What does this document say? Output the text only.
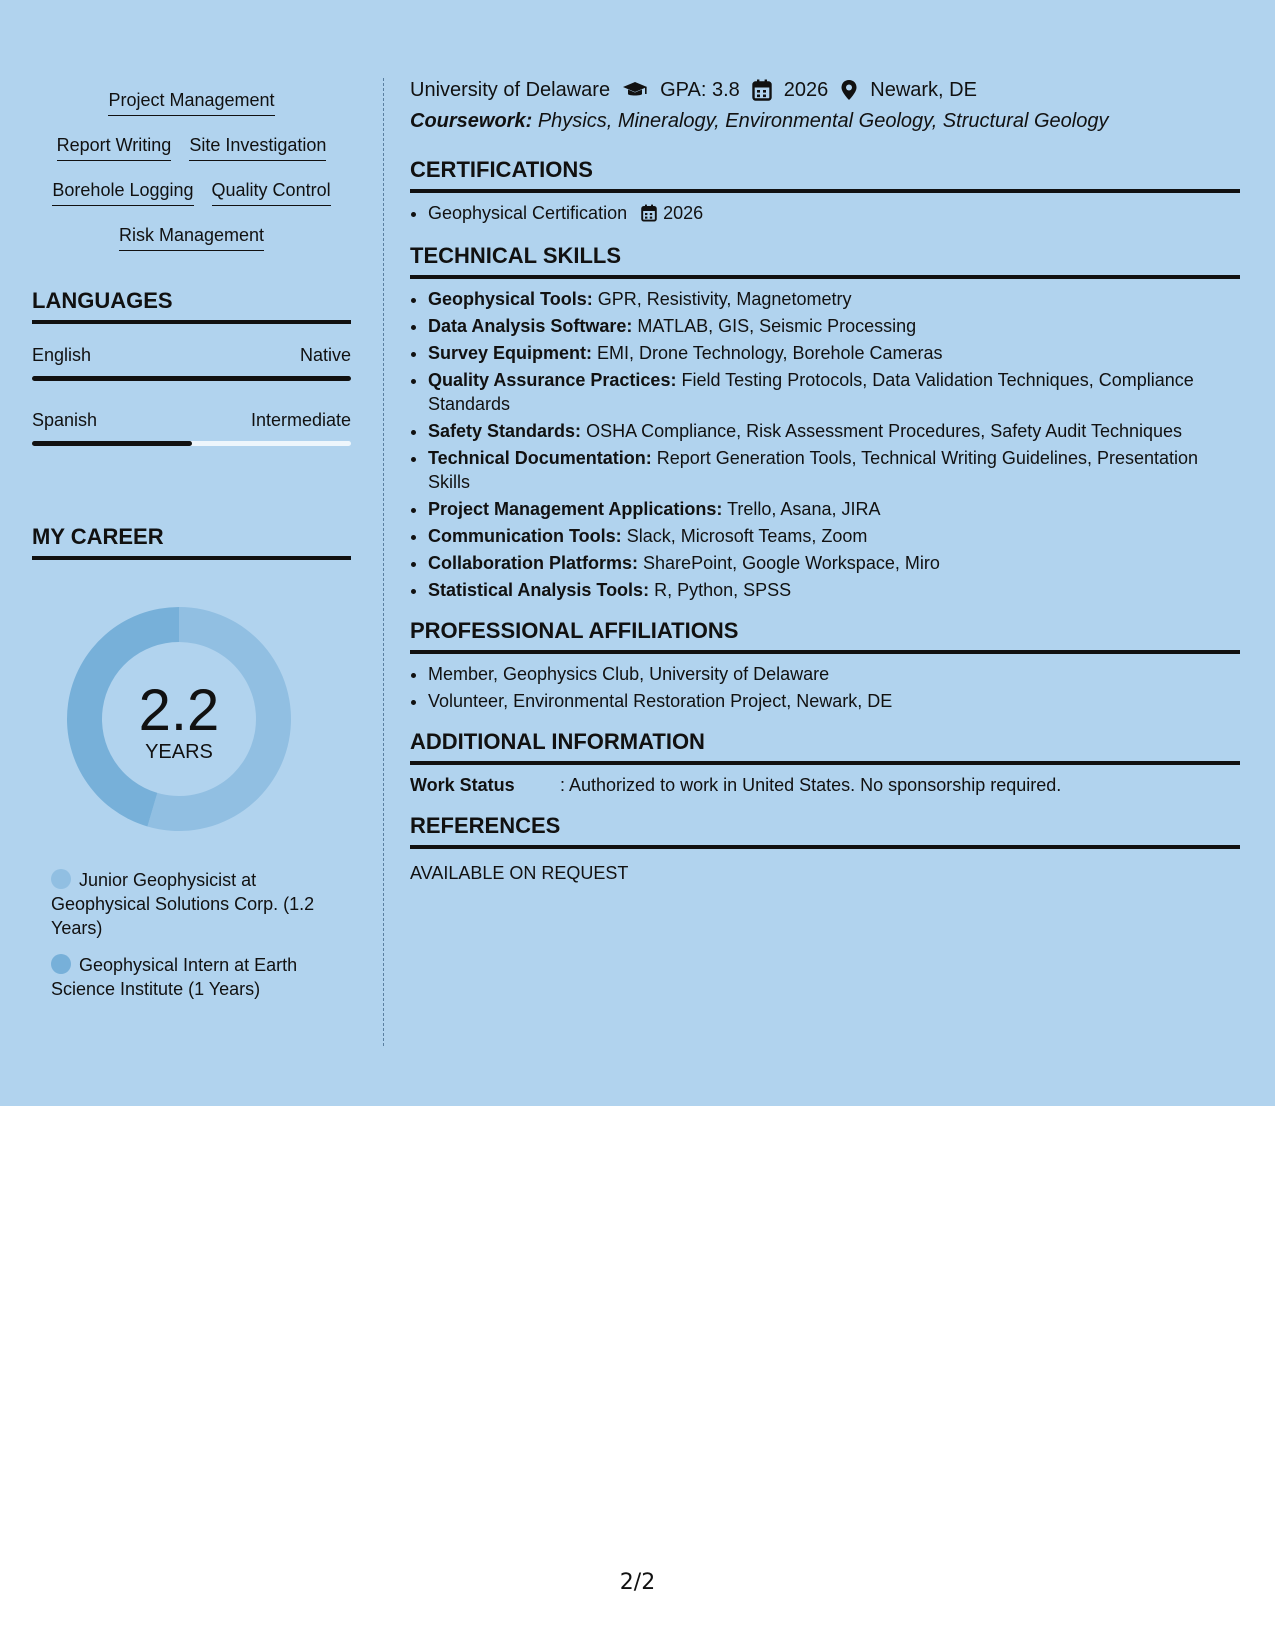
Project Management
Report Writing Site Investigation
Borehole Logging Quality Control
Risk Management
LANGUAGES
English	Native
Spanish	Intermediate
MY CAREER
2.2
YEARS
Junior Geophysicist at Geophysical Solutions Corp. (1.2 Years)
Geophysical Intern at Earth Science Institute (1 Years)
University of Delaware	GPA: 3.8 2026 Newark, DE
Coursework: Physics, Mineralogy, Environmental Geology, Structural Geology
CERTIFICATIONS
• Geophysical Certification 2026
TECHNICAL SKILLS
• Geophysical Tools: GPR, Resistivity, Magnetometry
• Data Analysis Software: MATLAB, GIS, Seismic Processing
• Survey Equipment: EMI, Drone Technology, Borehole Cameras
• Quality Assurance Practices: Field Testing Protocols, Data Validation Techniques, Compliance Standards
• Safety Standards: OSHA Compliance, Risk Assessment Procedures, Safety Audit Techniques
• Technical Documentation: Report Generation Tools, Technical Writing Guidelines, Presentation Skills
• Project Management Applications: Trello, Asana, JIRA
• Communication Tools: Slack, Microsoft Teams, Zoom
• Collaboration Platforms: SharePoint, Google Workspace, Miro
• Statistical Analysis Tools: R, Python, SPSS
PROFESSIONAL AFFILIATIONS
• Member, Geophysics Club, University of Delaware
• Volunteer, Environmental Restoration Project, Newark, DE
ADDITIONAL INFORMATION
Work Status	: Authorized to work in United States. No sponsorship required.
REFERENCES
AVAILABLE ON REQUEST
2/2
